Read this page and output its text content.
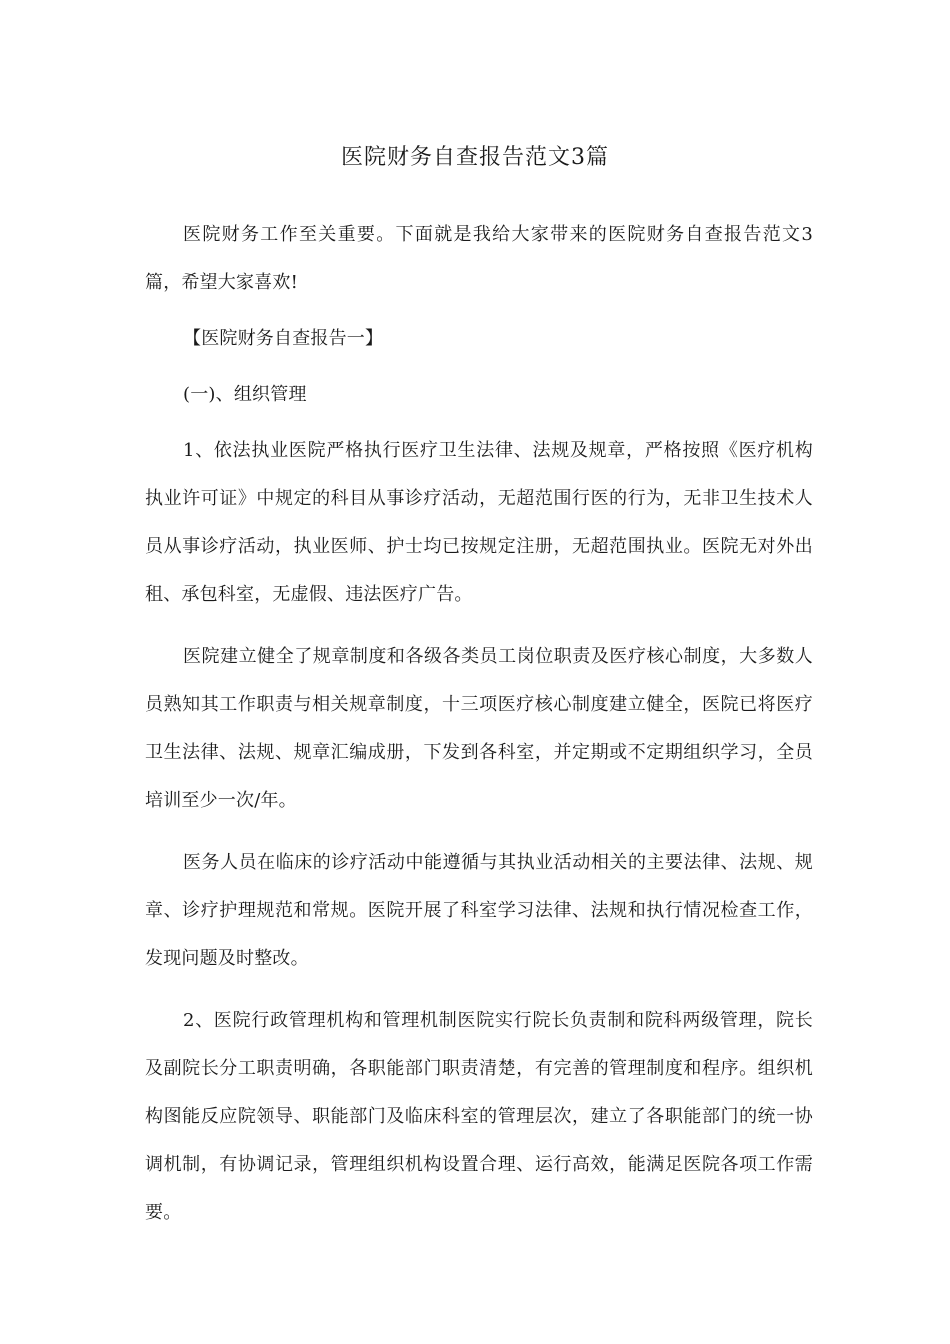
医院财务自查报告范文3篇

医院财务工作至关重要。下面就是我给大家带来的医院财务自查报告范文3篇，希望大家喜欢!

【医院财务自查报告一】

(一)、组织管理

1、依法执业医院严格执行医疗卫生法律、法规及规章，严格按照《医疗机构执业许可证》中规定的科目从事诊疗活动，无超范围行医的行为，无非卫生技术人员从事诊疗活动，执业医师、护士均已按规定注册，无超范围执业。医院无对外出租、承包科室，无虚假、违法医疗广告。

医院建立健全了规章制度和各级各类员工岗位职责及医疗核心制度，大多数人员熟知其工作职责与相关规章制度，十三项医疗核心制度建立健全，医院已将医疗卫生法律、法规、规章汇编成册，下发到各科室，并定期或不定期组织学习，全员培训至少一次/年。

医务人员在临床的诊疗活动中能遵循与其执业活动相关的主要法律、法规、规章、诊疗护理规范和常规。医院开展了科室学习法律、法规和执行情况检查工作，发现问题及时整改。

2、医院行政管理机构和管理机制医院实行院长负责制和院科两级管理，院长及副院长分工职责明确，各职能部门职责清楚，有完善的管理制度和程序。组织机构图能反应院领导、职能部门及临床科室的管理层次，建立了各职能部门的统一协调机制，有协调记录，管理组织机构设置合理、运行高效，能满足医院各项工作需要。
